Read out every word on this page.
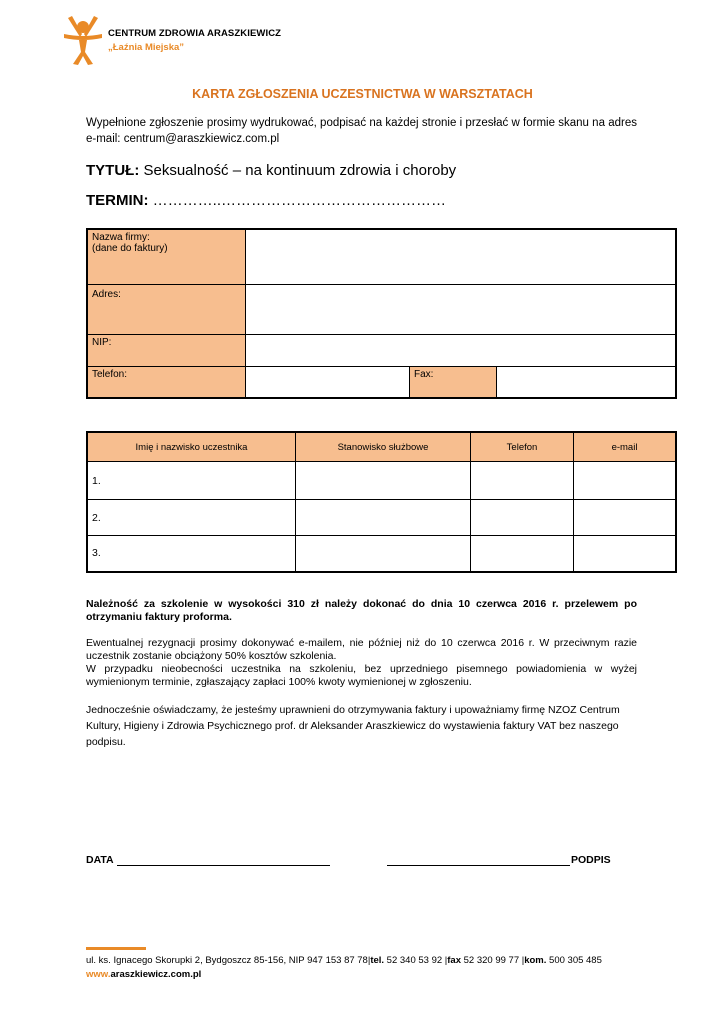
CENTRUM ZDROWIA ARASZKIEWICZ
„Łaźnia Miejska”
KARTA ZGŁOSZENIA UCZESTNICTWA W WARSZTATACH
Wypełnione zgłoszenie prosimy wydrukować, podpisać na każdej stronie i przesłać w formie skanu na adres e-mail: centrum@araszkiewicz.com.pl
TYTUŁ: Seksualność – na kontinuum zdrowia i choroby
TERMIN: …………..………………………………………
Nazwa firmy:
(dane do faktury)			

Adres:			
NIP:			
Telefon:		Fax:	
Imię i nazwisko uczestnika	Stanowisko służbowe	Telefon	e-mail
1.			
2.			
3.			
Należność za szkolenie w wysokości 310 zł należy dokonać do dnia 10 czerwca 2016 r. przelewem po otrzymaniu faktury proforma.

Ewentualnej rezygnacji prosimy dokonywać e-mailem, nie później niż do 10 czerwca 2016 r. W przeciwnym razie uczestnik zostanie obciążony 50% kosztów szkolenia.

W przypadku nieobecności uczestnika na szkoleniu, bez uprzedniego pisemnego powiadomienia w wyżej wymienionym terminie, zgłaszający zapłaci 100% kwoty wymienionej w zgłoszeniu.

Jednocześnie oświadczamy, że jesteśmy uprawnieni do otrzymywania faktury i upoważniamy firmę NZOZ Centrum Kultury, Higieny i Zdrowia Psychicznego prof. dr Aleksander Araszkiewicz do wystawienia faktury VAT bez naszego podpisu.
DATA	PODPIS
ul. ks. Ignacego Skorupki 2, Bydgoszcz 85-156, NIP 947 153 87 78|tel. 52 340 53 92 |fax 52 320 99 77 |kom. 500 305 485
www.araszkiewicz.com.pl
